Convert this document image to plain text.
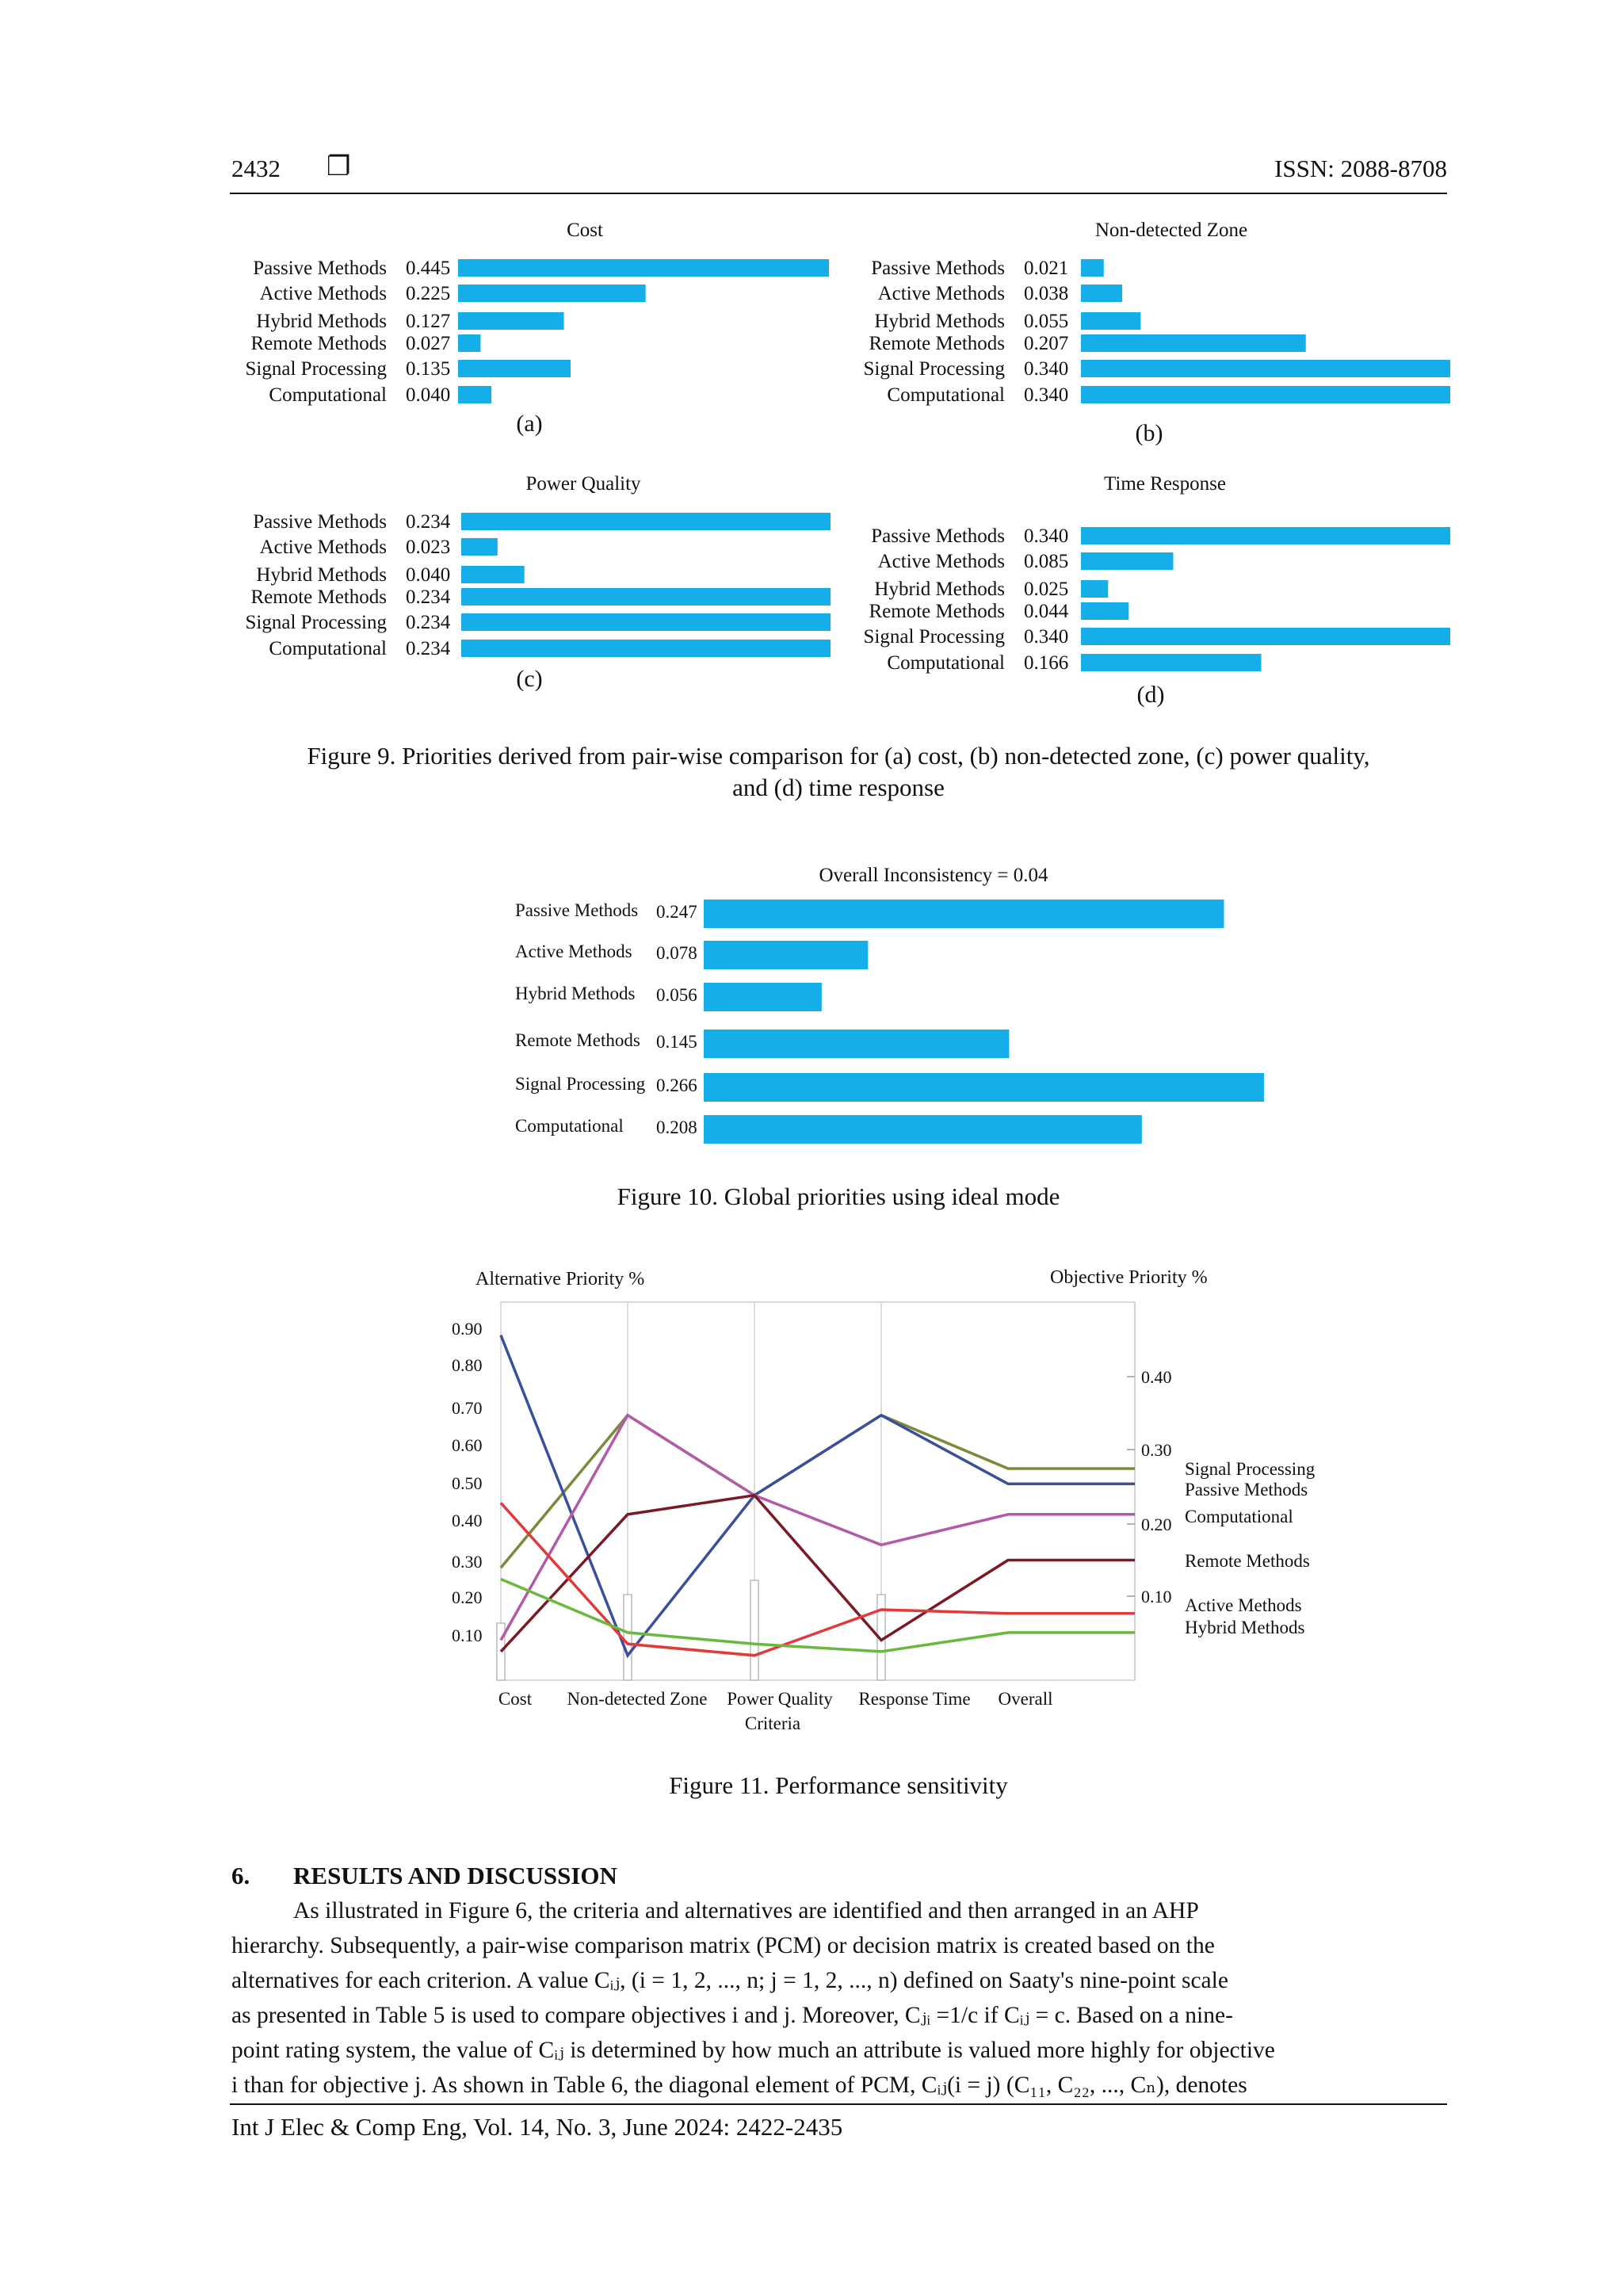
2432 ❐	ISSN: 2088-8708
Cost
Passive Methods 0.445
Active Methods 0.225
Hybrid Methods 0.127
Remote Methods 0.027
Signal Processing 0.135
Computational 0.040
(a)
Non-detected Zone
Passive Methods 0.021
Active Methods 0.038
Hybrid Methods 0.055
Remote Methods 0.207
Signal Processing 0.340
Computational 0.340
(b)
Power Quality
Passive Methods 0.234
Active Methods 0.023
Hybrid Methods 0.040
Remote Methods 0.234
Signal Processing 0.234
Computational 0.234
(c)
Time Response
Passive Methods 0.340
Active Methods 0.085
Hybrid Methods 0.025
Remote Methods 0.044
Signal Processing 0.340
Computational 0.166
(d)
Figure 9. Priorities derived from pair-wise comparison for (a) cost, (b) non-detected zone, (c) power quality,
and (d) time response
Overall Inconsistency = 0.04
Passive Methods 0.247
Active Methods 0.078
Hybrid Methods 0.056
Remote Methods 0.145
Signal Processing 0.266
Computational 0.208
Figure 10. Global priorities using ideal mode
Alternative Priority %	Objective Priority %
0.90
0.80
0.70
0.60
0.50
0.40
0.30
0.20
0.10
0.40
0.30
0.20
0.10
Signal Processing
Passive Methods
Computational
Remote Methods
Active Methods
Hybrid Methods
Cost Non-detected Zone Power Quality Response Time Overall
Criteria
Figure 11. Performance sensitivity
6. RESULTS AND DISCUSSION

As illustrated in Figure 6, the criteria and alternatives are identified and then arranged in an AHP

hierarchy. Subsequently, a pair-wise comparison matrix (PCM) or decision matrix is created based on the

alternatives for each criterion. A value Cᵢⱼ, (i = 1, 2, ..., n; j = 1, 2, ..., n) defined on Saaty's nine-point scale

as presented in Table 5 is used to compare objectives i and j. Moreover, Cⱼᵢ =1/c if Cᵢⱼ = c. Based on a nine-

point rating system, the value of Cᵢⱼ is determined by how much an attribute is valued more highly for objective

i than for objective j. As shown in Table 6, the diagonal element of PCM, Cᵢⱼ(i = j) (C₁₁, C₂₂, ..., Cₙ), denotes

Int J Elec & Comp Eng, Vol. 14, No. 3, June 2024: 2422-2435
